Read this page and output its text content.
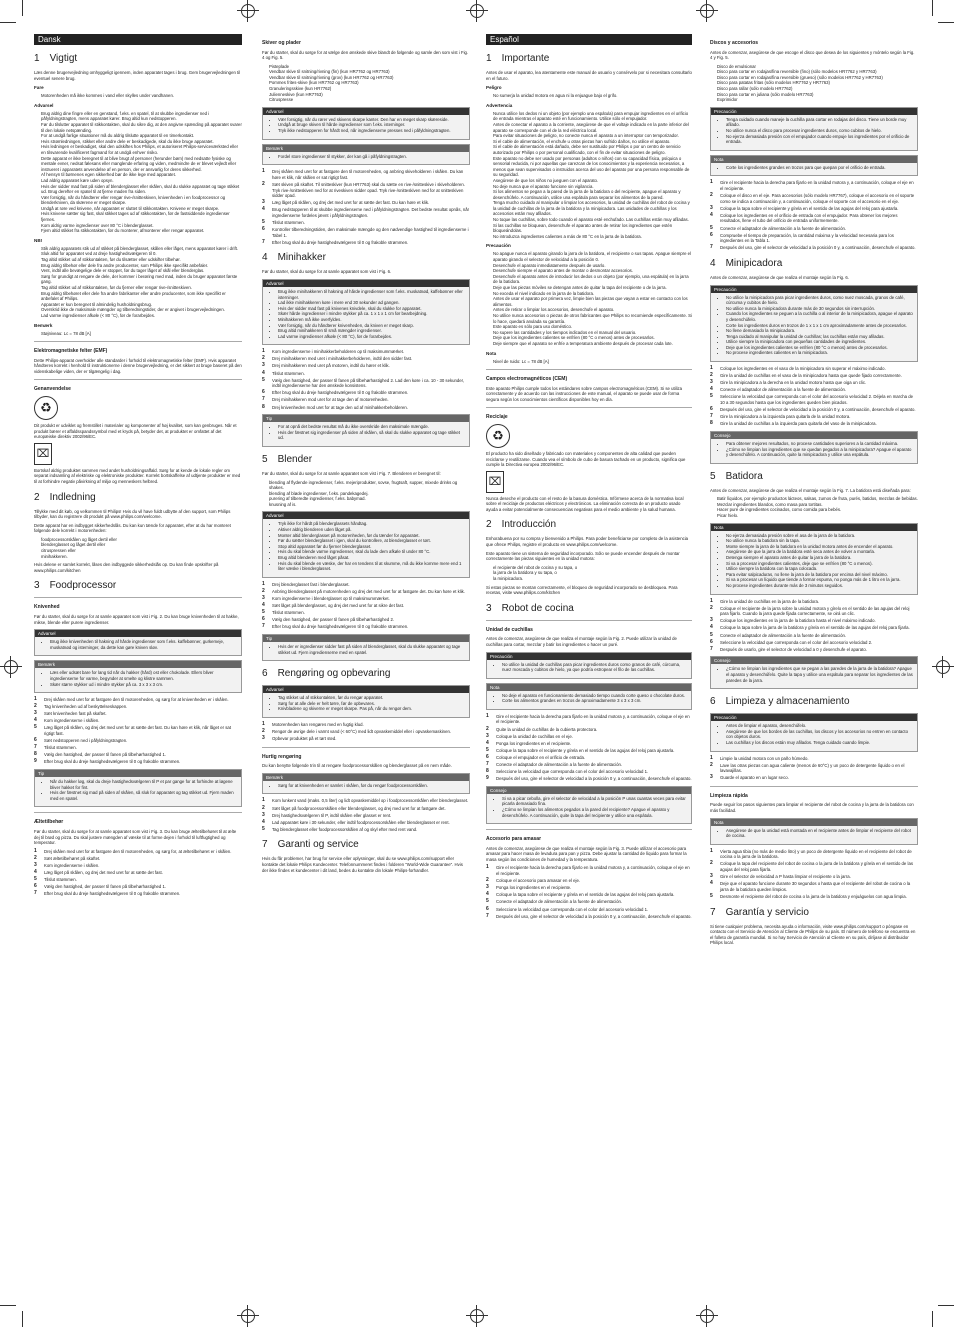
Dansk
1 Vigtigt

Læs denne brugervejledning omhyggeligt igennem, inden apparatet tages i brug. Gem brugervejledningen til eventuel senere brug.

Fare
• Motorenheden må ikke kommes i vand eller skylles under vandhanen.
Advarsel
• Brug aldrig dine fingre eller en genstand, f.eks. en spatel, til at skubbe ingredienser ned i påfyldningstragten, mens apparatet kører. Brug altid kun nedstopperen.
• Før du tilslutter apparatet til stikkontakten, skal du sikre dig, at den angivne spænding på apparatet svarer til den lokale netspænding.
• For at undgå farlige situationer må du aldrig tilslutte apparatet til en timerkontakt.
• Hvis strømledningen, stikket eller andre dele er beskadigede, skal du ikke bruge apparatet.
• Hvis ledningen er beskadiget, skal den udskiftes hos Philips, et autoriseret Philips-serviceværksted eller en tilsvarende kvalificeret fagmand for at undgå enhver risiko.
• Dette apparat er ikke beregnet til at blive brugt af personer (herunder børn) med nedsatte fysiske og mentale evner, nedsat følesans eller manglende erfaring og viden, medmindre de er blevet vejledt eller instrueret i apparatets anvendelse af en person, der er ansvarlig for deres sikkerhed.
• Af hensyn til børnenes egen sikkerhed bør de ikke lege med apparatet.
• Lad aldrig apparatet køre uden opsyn.
• Hvis der sidder mad fast på siden af blenderglasset eller skålen, skal du slukke apparatet og tage stikket ud. Brug derefter en spatel til at fjerne maden fra siden.
• Vær forsigtig, når du håndterer eller rengør rive-/snitteskiven, knivenheden i en foodprocessor og blenderkniven, da skærene er meget skarpe.
• Undgå at røre ved knivene, når apparatet er sluttet til stikkontakten. Knivene er meget skarpe.
• Hvis knivene sætter sig fast, skal stikket tages ud af stikkontakten, før de fastsiddende ingredienser fjernes.
• Kom aldrig varme ingredienser over 80 °C i blenderglasset.
• Fjern altid stikket fra stikkontakten, før du monterer, afmonterer eller rengør apparatet.
NB!
• Stik aldrig apparatets stik ud af stikket på blenderglasset, skålen eller låget, mens apparatet kører i drift.
• Sluk altid for apparatet ved at dreje hastighedsvælgeren til 0.
• Tag altid stikket ud af stikkontakten, før du tilsætter eller udskifter tilbehør.
• Brug aldrig tilbehør eller dele fra andre producenter, som Philips ikke specifikt anbefaler.
• Vent, indtil alle bevægelige dele er stoppet, før du tager låget af skål eller blenderglas.
• Sørg for grundigt at rengøre de dele, der kommer i berøring med mad, inden du bruger apparatet første gang.
• Tag altid stikket ud af stikkontakten, før du fjerner eller rengør rive-/snitteskiven.
• Brug aldrig tilbehøret eller dele fra andre fabrikanter eller andre producenter, som ikke specifikt er anbefalet af Philips.
• Apparatet er kun beregnet til almindelig husholdningsbrug.
• Overskrid ikke de maksimale mængder og tilberedningstider, der er angivet i brugervejledningen.
• Lad varme ingredienser afkøle (< 80 °C), før de forarbejdes.
Bemærk
• Støjniveau: Lc = 78 dB [A]
Elektromagnetiske felter (EMF)

Dette Philips-apparat overholder alle standarder i forhold til elektromagnetiske felter (EMF). Hvis apparatet håndteres korrekt i henhold til instruktionerne i denne brugervejledning, er det sikkert at bruge baseret på den videnskabelige viden, der er tilgængelig i dag.

Genanvendelse
♻

Dit produkt er udviklet og fremstillet i materialer og komponenter af høj kvalitet, som kan genbruges. Når et produkt bærer et affaldsspandssymbol med et kryds på, betyder det, at produktet er omfattet af det europæiske direktiv 2002/96/EC.

⌧

Bortskaf aldrig produktet sammen med andet husholdningsaffald. Sørg for at kende de lokale regler om separat indsamling af elektriske og elektroniske produkter. Korrekt bortskaffelse af udtjente produkter er med til at forhindre negativ påvirkning af miljø og menneskers helbred.

2 Indledning

Tillykke med dit køb, og velkommen til Philips! Hvis du vil have fuldt udbytte af den support, som Philips tilbyder, kan du registrere dit produkt på www.philips.com/welcome.

Dette apparat har en indbygget sikkerhedslås. Du kan kun tænde for apparatet, efter at du har monteret følgende dele korrekt i motorenheden:

• foodprocessorskålen og låget dertil eller
• blenderglasset og låget dertil eller
• citruspressen eller
• minihakkeren.

Hvis delene er samlet korrekt, låses den indbyggede sikkerhedslås op. Du kan finde opskrifter på www.philips.com/kitchen

3 Foodprocessor
Knivenhed

Før du starter, skal du sørge for at samle apparatet som vist i Fig. 2. Du kan bruge knivenheden til at hakke, mikse, blende eller purere ingredienser.

Advarsel
• Brug ikke knivenheden til hakning af hårde ingredienser som f.eks. kaffebønner, gurkemeje, muskatnød og isterninger, da dette kan gøre kniven sløv.
Bemærk
• Læs eller udsæt bare for lang tid når du hakker (hård) ost eller chokolade. Ellers bliver ingredienserne for varme, begynder at smelte og klistre sammen.
• Skær større stykker ud i mindre stykker på ca. 3 x 3 x 3 cm.
1 Drej skålen med uret for at fastgøre den til motorenheden, og sørg for at knivenheden er i skålen.
2 Tag knivenheden ud af beskyttelseskappen.
3 Sæt knivenheden fast på skaftet.
4 Kom ingredienserne i skålen.
5 Læg låget på skålen, og drej det med uret for at sætte det fast. Du kan høre et klik, når låget er sat rigtigt fast.
6 Sæt nedstopperen ned i påfyldningstragten.
7 Tilslut strømmen.
8 Vælg den hastighed, der passer til fanen på tilbehørhastighed 1.
9 Efter brug skal du dreje hastighedsvælgeren til 0 og frakoble strømmen.
Tip
• Når du hakker løg, skal du dreje hastighedsvælgeren til P et par gange for at forhindre at løgene bliver hakket for fint.
• Hvis der fæstnet sig mad på siden af skålen, så sluk for apparatet og tag stikket ud. Fjern maden med en spatel.
Æltetilbehør

Før du starter, skal du sørge for at samle apparatet som vist i Fig. 3. Du kan bruge æltetilbehøret til at ælte dej til brød og pizza. Du skal justere mængden af væske til at forme dejen i forhold til luftfugtighed og temperatur.

1 Drej skålen med uret for at fastgøre den til motorenheden, og sørg for, at æltetilbehøret er i skålen.
2 Sæt æltetilbehøret på skaftet.
3 Kom ingredienserne i skålen.
4 Læg låget på skålen, og drej det med uret for at sætte det fast.
5 Tilslut strømmen.
6 Vælg den hastighed, der passer til fanen på tilbehørhastighed 1.
7 Efter brug skal du dreje hastighedsvælgeren til 0 og frakoble strømmen.
Skiver og plader

Før du starter, skal du sørge for at vælge den ønskede skive blandt de følgende og samle den som vist i Fig. 4 og Fig. 5.

• Pisteplade
• Vendbar skive til snitning/rivning (fin) (kun HR7762 og HR7763)
• Vendbar skive til snitning/rivning (grov) (kun HR7762 og HR7763)
• Pommes frites-skive (kun HR7762 og HR7763)
• Granuleringsskive (kun HR7762)
• Julienneskive (kun HR7763)
• Citruspresse
Advarsel
• Vær forsigtig, når du rører ved skivens skarpe kanter. Den har en meget skarp skæreside.
• Undgå at bruge skiven til hårde ingredienser som f.eks. isterninger.
• Tryk ikke nedstopperen for hårdt ned, når ingredienserne presses ned i påfyldningstragten.
Bemærk
• Fordel store ingredienser til stykker, der kan gå i påfyldningstragten.
1 Drej skålen med uret for at fastgøre den til motorenheden, og anbring skiveholderen i skålen. Du kan høre et klik, når skålen er sat rigtigt fast.
2 Sæt skiven på skaftet. Til snitteskiver (kun HR7763) skal du sætte en rive-/snitteskive i skiveholderen. Tryk rive-/snitteskiven ned for at riveskiven sidder opad. Tryk rive-/snitteskiven ned for at snitteskiven sidder opad.
3 Læg låget på skålen, og drej det med uret for at sætte det fast. Du kan høre et klik.
4 Brug nedstopperen til at skubbe ingredienserne ned i påfyldningstragten. Det bedste resultat opnås, når ingredienserne fordeles jævnt i påfyldningstragten.
5 Tilslut strømmen.
6 Kontroller tilberedningstiden, den maksimale mængde og den nødvendige hastighed til ingredienserne i Tabel 1.
7 Efter brug skal du dreje hastighedsvælgeren til 0 og frakoble strømmen.
4 Minihakker

Før du starter, skal du sørge for at samle apparatet som vist i Fig. 6.

Advarsel
• Brug ikke minihakkeren til hakning af hårde ingredienser som f.eks. muskatnød, kaffebønner eller isterninger.
• Lad ikke minihakkeren køre i mere end 30 sekunder ad gangen.
• Hvis der sidder mad fast på knivenes knivdele, skal du slukke for apparatet.
• Skær hårde ingredienser i mindre stykker på ca. 1 x 1 x 1 cm før bearbejdning.
• Minihakkeren må ikke overfyldes.
• Vær forsigtig, når du håndterer knivenheden, da kniven er meget skarp.
• Brug altid minihakkeren til små mængder ingredienser.
• Lad varme ingredienser afkøle (< 80 °C), før de forarbejdes.
1 Kom ingredienserne i minihakkerbeholderen op til maksimummærket.
2 Drej minihakkeren med uret i minihakkerbeholderen, indtil den sidder fast.
3 Drej minihakkeren med uret på motoren, indtil du hører et klik.
4 Tilslut strømmen.
5 Vælg den hastighed, der passer til fanen på tilbehørhastighed 2. Lad den køre i ca. 10 - 30 sekunder, indtil ingredienserne har den ønskede konsistens.
6 Efter brug skal du dreje hastighedsvælgeren til 0 og frakoble strømmen.
7 Drej minihakkeren mod uret for at tage den af motorenheden.
8 Drej knivenheden mod uret for at tage den ud af minihakkerbeholderen.
Tip
• For at opnå det bedste resultat må du ikke overskride den maksimale mængde.
• Hvis der fæstnet sig ingredienser på siden af skålen, så skal du slukke apparatet og tage stikket ud.
5 Blender

Før du starter, skal du sørge for at samle apparatet som vist i Fig. 7. Blenderen er beregnet til:

• blending af flydende ingredienser, f.eks. mejeriprodukter, sovse, frugtsaft, supper, mixede drinks og shakes.
• blending af bløde ingredienser, f.eks. pandekagedej.
• purering af tilberedte ingredienser, f.eks. babymad.
• knusning af is.
Advarsel
• Tryk ikke for hårdt på blenderglassets håndtag.
• Aktiver aldrig blenderen uden låget på.
• Monter altid blenderglasset på motorenheden, før du tænder for apparatet.
• Før du sætter blenderglasset i igen, skal du kontrollere, at blenderglasset er tørt.
• Stop altid apparatet før du fjerner blenderglasset.
• Hvis du skal blende varme ingredienser, skal du lade dem afkøle til under 80 °C.
• Brug altid blenderen med låget påsat.
• Hvis du skal blende en væske, der har en tendens til at skumme, må du ikke komme mere end 1 liter væske i blenderglasset.
1 Drej blenderglasset fast i blenderglasset.
2 Anbring blenderglasset på motorenheden og drej det med uret for at fastgøre det. Du kan høre et klik.
3 Kom ingredienserne i blenderglasset op til maksimummærket.
4 Sæt låget på blenderglasset, og drej det med uret for at sikre det fast.
5 Tilslut strømmen.
6 Vælg den hastighed, der passer til fanen på tilbehørhastighed 2.
7 Efter brug skal du dreje hastighedsvælgeren til 0 og frakoble strømmen.
Tip
• Hvis der er ingredienser sidder fast på siden af blenderglasset, skal du slukke apparatet og tage stikket ud. Fjern ingredienserne med en spatel.
6 Rengøring og opbevaring
Advarsel
• Tag stikket ud af stikkontakten, før du rengør apparatet.
• Sørg for at alle dele er helt tørre, før de opbevares.
• Knivbladene og skiverne er meget skarpe. Pas på, når du rengør dem.
1 Motorenheden kan rengøres med en fugtig klud.
2 Rengør de øvrige dele i varmt vand (< 60°C) med lidt opvaskemiddel eller i opvaskemaskinen.
3 Opbevar produktet på et tørt sted.
Hurtig rengøring

Du kan benytte følgende trin til at rengøre foodprocessorskålen og blenderglasset på en nem måde.

Bemærk
• Sørg for at knivenheden er samlet i skålen, før du rengør foodprocessorskålen.
1 Kom lunkent vand (maks. 0,5 liter) og lidt opvaskemiddel op i foodprocessorskålen eller blenderglasset.
2 Sæt låget på foodprocessorskålen eller blenderglasset, og drej med uret for at fastgøre det.
3 Drej hastighedsvælgeren til P, indtil skålen eller glasset er rent.
4 Lad apparatet køre i 30 sekunder, eller indtil foodprocessorskålen eller blenderglasset er rent.
5 Tag blenderglasset eller foodprocessorskålen af og skyl efter med rent vand.
7 Garanti og service

Hvis du får problemer, har brug for service eller oplysninger, skal du se www.philips.com/support eller kontakte det lokale Philips Kundecenter. Telefonnummeret findes i folderen "World-Wide Guarantee". Hvis der ikke findes et kundecenter i dit land, bedes du kontakte din lokale Philips-forhandler.

Español
1 Importante

Antes de usar el aparato, lea atentamente este manual de usuario y consérvelo por si necesitara consultarlo en el futuro.

Peligro
• No sumerja la unidad motora en agua ni la enjuague bajo el grifo.
Advertencia
• Nunca utilice los dedos ni un objeto (por ejemplo una espátula) para empujar ingredientes en el orificio de entrada mientras el aparato esté en funcionamiento. Utilice sólo el empujador.
• Antes de conectar el aparato a la corriente, asegúrese de que el voltaje indicado en la parte inferior del aparato se corresponde con el de la red eléctrica local.
• Para evitar situaciones de peligro, no conecte nunca el aparato a un interruptor con temporizador.
• Si el cable de alimentación, el enchufe u otras piezas han sufrido daños, no utilice el aparato.
• Si el cable de alimentación está dañado, debe ser sustituido por Philips o por un centro de servicio autorizado por Philips o por personal cualificado, con el fin de evitar situaciones de peligro.
• Este aparato no debe ser usado por personas (adultos o niños) con su capacidad física, psíquica o sensorial reducida, ni por aquellas que carezcan de los conocimientos y la experiencia necesarios, a menos que sean supervisados o instruidos acerca del uso del aparato por una persona responsable de su seguridad.
• Asegúrese de que los niños no jueguen con el aparato.
• No deje nunca que el aparato funcione sin vigilancia.
• Si los alimentos se pegan a la pared de la jarra de la batidora o del recipiente, apague el aparato y desenchúfelo. A continuación, utilice una espátula para separar los alimentos de la pared.
• Tenga mucho cuidado al manipular o limpiar los accesorios, la unidad de cuchillas del robot de cocina y la unidad de cuchillas de la jarra de la batidora y la minipicadora. Las unidades de cuchillas y los accesorios están muy afilados.
• No toque las cuchillas, sobre todo cuando el aparato esté enchufado. Las cuchillas están muy afiladas.
• Si las cuchillas se bloquean, desenchufe el aparato antes de retirar los ingredientes que estén bloqueándolas.
• No introduzca ingredientes calientes a más de 80 °C en la jarra de la batidora.
Precaución
• No apague nunca el aparato girando la jarra de la batidora, el recipiente o sus tapas. Apague siempre el aparato girando el selector de velocidad a la posición 0.
• Desenchufe el aparato inmediatamente después de usarlo.
• Desenchufe siempre el aparato antes de montar o desmontar accesorios.
• Desenchufe el aparato antes de introducir los dedos o un objeto (por ejemplo, una espátula) en la jarra de la batidora.
• Deje que las piezas móviles se detengan antes de quitar la tapa del recipiente o de la jarra.
• No exceda el nivel indicado en la jarra de la batidora.
• Antes de usar el aparato por primera vez, limpie bien las piezas que vayan a estar en contacto con los alimentos.
• Antes de retirar o limpiar los accesorios, desenchufe el aparato.
• No utilice nunca accesorios o piezas de otros fabricantes que Philips no recomiende específicamente. Si lo hace, quedará anulada su garantía.
• Este aparato es sólo para uso doméstico.
• No supere las cantidades y los tiempos indicados en el manual del usuario.
• Deje que los ingredientes calientes se enfríen (80 °C o menos) antes de procesarlos.
• Deje siempre que el aparato se enfríe a temperatura ambiente después de procesar cada lote.
Nota
• Nivel de ruido: Lc = 78 dB [A]
Campos electromagnéticos (CEM)

Este aparato Philips cumple todos los estándares sobre campos electromagnéticos (CEM). Si se utiliza correctamente y de acuerdo con las instrucciones de este manual, el aparato se puede usar de forma segura según los conocimientos científicos disponibles hoy en día.

Reciclaje
♻

El producto ha sido diseñado y fabricado con materiales y componentes de alta calidad que pueden reciclarse y reutilizarse. Cuando vea el símbolo de cubo de basura tachado en un producto, significa que cumple la Directiva europea 2002/96/EC.

⌧

Nunca deseche el producto con el resto de la basura doméstica. Infórmese acerca de la normativa local sobre el reciclaje de productos eléctricos y electrónicos. La eliminación correcta de un producto usado ayuda a evitar potencialmente consecuencias negativas para el medio ambiente y la salud humana.

2 Introducción

Enhorabuena por su compra y bienvenido a Philips. Para poder beneficiarse por completo de la asistencia que ofrece Philips, registre el producto en www.philips.com/welcome.

Este aparato tiene un sistema de seguridad incorporado. Sólo se puede encender después de montar correctamente las piezas siguientes en la unidad motora:

• el recipiente del robot de cocina y su tapa, o
• la jarra de la batidora y su tapa, o
• la minipicadora.

Si estas piezas se montan correctamente, el bloqueo de seguridad incorporado se desbloquea. Para recetas, visite www.philips.com/kitchen

3 Robot de cocina
Unidad de cuchillas

Antes de comenzar, asegúrese de que realiza el montaje según la Fig. 2. Puede utilizar la unidad de cuchillas para cortar, mezclar y batir los ingredientes o hacer un puré.

Precaución
• No utilice la unidad de cuchillas para picar ingredientes duros como granos de café, cúrcuma, nuez moscada y cubitos de hielo, ya que podría estropear el filo de las cuchillas.
Nota
• No deje el aparato en funcionamiento demasiado tiempo cuando corte queso o chocolate duros.
• Corte los alimentos grandes en trozos de aproximadamente 3 x 3 x 3 cm.
1 Gire el recipiente hacia la derecha para fijarlo en la unidad motora y, a continuación, coloque el eje en el recipiente.
2 Quite la unidad de cuchillas de la cubierta protectora.
3 Coloque la unidad de cuchillas en el eje.
4 Ponga los ingredientes en el recipiente.
5 Coloque la tapa sobre el recipiente y gírela en el sentido de las agujas del reloj para ajustarla.
6 Coloque el empujador en el orificio de entrada.
7 Conecte el adaptador de alimentación a la fuente de alimentación.
8 Seleccione la velocidad que corresponda con el color del accesorio velocidad 1.
9 Después del uso, gire el selector de velocidad a la posición 0 y, a continuación, desenchufe el aparato.
Consejo
• Si va a picar cebolla, gire el selector de velocidad a la posición P unas cuantas veces para evitar picarla demasiado fina.
• ¿Cómo se limpian los alimentos pegados a la pared del recipiente? Apague el aparato y desenchúfelo. A continuación, quite la tapa del recipiente y utilice una espátula.
Accesorio para amasar

Antes de comenzar, asegúrese de que realiza el montaje según la Fig. 3. Puede utilizar el accesorio para amasar para hacer masa de levadura para pan y pizza. Debe ajustar la cantidad de líquido para formar la masa según las condiciones de humedad y la temperatura.

1 Gire el recipiente hacia la derecha para fijarlo en la unidad motora y, a continuación, coloque el eje en el recipiente.
2 Coloque el accesorio para amasar en el eje.
3 Ponga los ingredientes en el recipiente.
4 Coloque la tapa sobre el recipiente y gírela en el sentido de las agujas del reloj para ajustarla.
5 Conecte el adaptador de alimentación a la fuente de alimentación.
6 Seleccione la velocidad que corresponda con el color del accesorio velocidad 1.
7 Después del uso, gire el selector de velocidad a la posición 0 y, a continuación, desenchufe el aparato.
Discos y accesorios

Antes de comenzar, asegúrese de que escoge el disco que desea de los siguientes y móntelo según la Fig. 4 y Fig. 5.

• Disco de emulsionar
• Disco para cortar en rodajas/fina reversible (fino) (sólo modelos HR7762 y HR7763)
• Disco para cortar en rodajas/fina reversible (grueso) (sólo modelos HR7762 y HR7763)
• Disco para patatas fritas (sólo modelos HR7762 y HR7763)
• Disco para rallar (sólo modelo HR7762)
• Disco para cortar en juliana (sólo modelo HR7763)
• Exprimidor
Precaución
• Tenga cuidado cuando maneje la cuchilla para cortar en rodajas del disco. Tiene un borde muy afilado.
• No utilice nunca el disco para procesar ingredientes duros, como cubitos de hielo.
• No ejerza demasiada presión con el empujador cuando empuje los ingredientes por el orificio de entrada.
Nota
• Corte los ingredientes grandes en trozos para que quepan por el orificio de entrada.
1 Gire el recipiente hacia la derecha para fijarlo en la unidad motora y, a continuación, coloque el eje en el recipiente.
2 Coloque el disco en el eje. Para accesorios (sólo modelo HR7767), coloque el accesorio en el soporte como se indica a continuación y, a continuación, coloque el soporte con el accesorio en el eje.
3 Coloque la tapa sobre el recipiente y gírela en el sentido de las agujas del reloj para ajustarla.
4 Coloque los ingredientes en el orificio de entrada con el empujador. Para obtener los mejores resultados, llene el tubo del orificio de entrada uniformemente.
5 Conecte el adaptador de alimentación a la fuente de alimentación.
6 Compruebe el tiempo de preparación, la cantidad máxima y la velocidad necesaria para los ingredientes en la Tabla 1.
7 Después del uso, gire el selector de velocidad a la posición 0 y, a continuación, desenchufe el aparato.
4 Minipicadora

Antes de comenzar, asegúrese de que realiza el montaje según la Fig. 6.

Precaución
• No utilice la minipicadora para picar ingredientes duros, como nuez moscada, granos de café, cúrcuma y cubitos de hielo.
• No utilice nunca la minipicadora durante más de 30 segundos sin interrupción.
• Cuando los ingredientes se peguen a la cuchilla o al interior de la minipicadora, apague el aparato y desenchúfelo.
• Corte los ingredientes duros en trozos de 1 x 1 x 1 cm aproximadamente antes de procesarlos.
• No llene demasiado la minipicadora.
• Tenga cuidado al manipular la unidad de cuchillas; las cuchillas están muy afiladas.
• Utilice siempre la minipicadora con pequeñas cantidades de ingredientes.
• Deje que los ingredientes calientes se enfríen (80 °C o menos) antes de procesarlos.
• No procese ingredientes calientes en la minipicadora.
1 Coloque los ingredientes en el vaso de la minipicadora sin superar el máximo indicado.
2 Gire la unidad de cuchillas en el vaso de la minipicadora hasta que quede fijado correctamente.
3 Gire la minipicadora a la derecha en la unidad motora hasta que oiga un clic.
4 Conecte el adaptador de alimentación a la fuente de alimentación.
5 Seleccione la velocidad que corresponda con el color del accesorio velocidad 2. Déjela en marcha de 10 a 30 segundos hasta que los ingredientes queden bien picados.
6 Después del uso, gire el selector de velocidad a la posición 0 y, a continuación, desenchufe el aparato.
7 Gire la minipicadora a la izquierda para quitarla de la unidad motora.
8 Gire la unidad de cuchillas a la izquierda para quitarla del vaso de la minipicadora.
Consejo
• Para obtener mejores resultados, no procese cantidades superiores a la cantidad máxima.
• ¿Cómo se limpian los ingredientes que se quedan pegados a la minipicadora? Apague el aparato y desenchúfelo. A continuación, quite la minipicadora y utilice una espátula.
5 Batidora

Antes de comenzar, asegúrese de que realiza el montaje según la Fig. 7. La batidora está diseñada para:

• Batir líquidos, por ejemplo productos lácteos, salsas, zumos de fruta, purés, batidos, mezclas de bebidas.
• Mezclar ingredientes blandos, como masa para tortitas.
• Hacer puré de ingredientes cocinados, como comida para bebés.
• Picar hielo.
Nota
• No ejerza demasiada presión sobre el asa de la jarra de la batidora.
• No utilice nunca la batidora sin la tapa.
• Monte siempre la jarra de la batidora en la unidad motora antes de encender el aparato.
• Asegúrese de que la jarra de la batidora esté seca antes de volver a montarla.
• Detenga siempre el aparato antes de quitar la jarra de la batidora.
• Si va a procesar ingredientes calientes, deje que se enfríen (80 °C o menos).
• Utilice siempre la batidora con la tapa colocada.
• Para evitar salpicaduras, no llene la jarra de la batidora por encima del nivel máximo.
• Si va a procesar un líquido que tiende a formar espuma, no ponga más de 1 litro en la jarra.
• No procese ingredientes durante más de 3 minutos seguidos.
1 Gire la unidad de cuchillas en la jarra de la batidora.
2 Coloque el recipiente de la jarra sobre la unidad motora y gírelo en el sentido de las agujas del reloj para fijarlo. Cuando la jarra quede fijada correctamente, se oirá un clic.
3 Coloque los ingredientes en la jarra de la batidora hasta el nivel máximo indicado.
4 Coloque la tapa sobre la jarra de la batidora y gírela en el sentido de las agujas del reloj para fijarla.
5 Conecte el adaptador de alimentación a la fuente de alimentación.
6 Seleccione la velocidad que corresponda con el color del accesorio velocidad 2.
7 Después de usarlo, gire el selector de velocidad a 0 y desenchufe el aparato.
Consejo
• ¿Cómo se limpian los ingredientes que se pegan a las paredes de la jarra de la batidora? Apague el aparato y desenchúfelo. Quite la tapa y utilice una espátula para separar los ingredientes de las paredes de la jarra.
6 Limpieza y almacenamiento
Precaución
• Antes de limpiar el aparato, desenchúfelo.
• Asegúrese de que los bordes de las cuchillas, los discos y los accesorios no entren en contacto con objetos duros.
• Las cuchillas y los discos están muy afilados. Tenga cuidado cuando limpie.
1 Limpie la unidad motora con un paño húmedo.
2 Lave las otras piezas con agua caliente (menos de 60°C) y un poco de detergente líquido o en el lavavajillas.
3 Guarde el aparato en un lugar seco.
Limpieza rápida

Puede seguir los pasos siguientes para limpiar el recipiente del robot de cocina y la jarra de la batidora con más facilidad.

Nota
• Asegúrese de que la unidad está montada en el recipiente antes de limpiar el recipiente del robot de cocina.
1 Vierta agua tibia (no más de medio litro) y un poco de detergente líquido en el recipiente del robot de cocina o la jarra de la batidora.
2 Coloque la tapa del recipiente del robot de cocina o la jarra de la batidora y gírela en el sentido de las agujas del reloj para fijarla.
3 Gire el selector de velocidad a P hasta limpiar el recipiente o la jarra.
4 Deje que el aparato funcione durante 30 segundos o hasta que el recipiente del robot de cocina o la jarra de la batidora queden limpios.
5 Desmonte el recipiente del robot de cocina o la jarra de la batidora y enjuáguelos con agua limpia.
7 Garantía y servicio

Si tiene cualquier problema, necesita ayuda o información, visite www.philips.com/support o póngase en contacto con el Servicio de Atención al Cliente de Philips de su país. El número de teléfono se encuentra en el folleto de garantía mundial. Si no hay Servicio de Atención al Cliente en su país, diríjase al distribuidor Philips local.
